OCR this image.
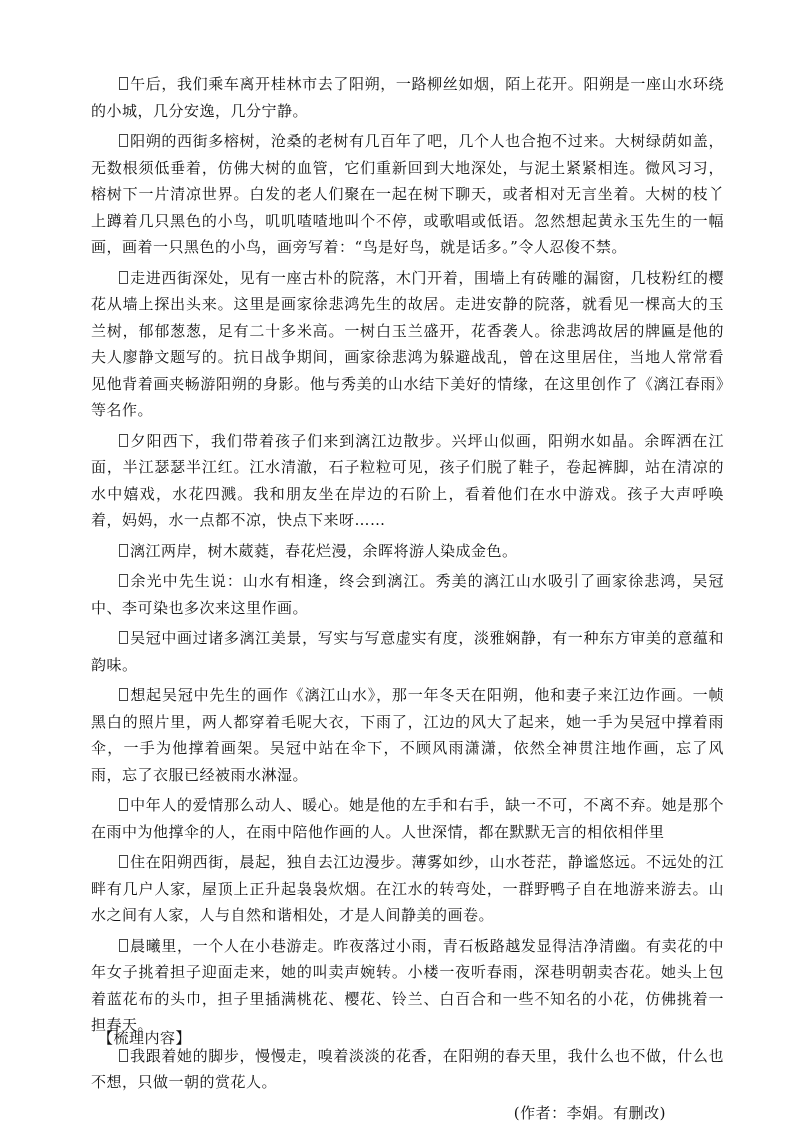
午后，我们乘车离开桂林市去了阳朔，一路柳丝如烟，陌上花开。阳朔是一座山水环绕的小城，几分安逸，几分宁静。

阳朔的西街多榕树，沧桑的老树有几百年了吧，几个人也合抱不过来。大树绿荫如盖，无数根须低垂着，仿佛大树的血管，它们重新回到大地深处，与泥土紧紧相连。微风习习，榕树下一片清凉世界。白发的老人们聚在一起在树下聊天，或者相对无言坐着。大树的枝丫上蹲着几只黑色的小鸟，叽叽喳喳地叫个不停，或歌唱或低语。忽然想起黄永玉先生的一幅画，画着一只黑色的小鸟，画旁写着：“鸟是好鸟，就是话多。”令人忍俊不禁。

走进西街深处，见有一座古朴的院落，木门开着，围墙上有砖雕的漏窗，几枝粉红的樱花从墙上探出头来。这里是画家徐悲鸿先生的故居。走进安静的院落，就看见一棵高大的玉兰树，郁郁葱葱，足有二十多米高。一树白玉兰盛开，花香袭人。徐悲鸿故居的牌匾是他的夫人廖静文题写的。抗日战争期间，画家徐悲鸿为躲避战乱，曾在这里居住，当地人常常看见他背着画夹畅游阳朔的身影。他与秀美的山水结下美好的情缘，在这里创作了《漓江春雨》等名作。

夕阳西下，我们带着孩子们来到漓江边散步。兴坪山似画，阳朔水如晶。余晖洒在江面，半江瑟瑟半江红。江水清澈，石子粒粒可见，孩子们脱了鞋子，卷起裤脚，站在清凉的水中嬉戏，水花四溅。我和朋友坐在岸边的石阶上，看着他们在水中游戏。孩子大声呼唤着，妈妈，水一点都不凉，快点下来呀……

漓江两岸，树木葳蕤，春花烂漫，余晖将游人染成金色。

余光中先生说：山水有相逢，终会到漓江。秀美的漓江山水吸引了画家徐悲鸿，吴冠中、李可染也多次来这里作画。

吴冠中画过诸多漓江美景，写实与写意虚实有度，淡雅娴静，有一种东方审美的意蕴和韵味。

想起吴冠中先生的画作《漓江山水》，那一年冬天在阳朔，他和妻子来江边作画。一帧黑白的照片里，两人都穿着毛呢大衣，下雨了，江边的风大了起来，她一手为吴冠中撑着雨伞，一手为他撑着画架。吴冠中站在伞下，不顾风雨潇潇，依然全神贯注地作画，忘了风雨，忘了衣服已经被雨水淋湿。

中年人的爱情那么动人、暖心。她是他的左手和右手，缺一不可，不离不弃。她是那个在雨中为他撑伞的人，在雨中陪他作画的人。人世深情，都在默默无言的相依相伴里

住在阳朔西街，晨起，独自去江边漫步。薄雾如纱，山水苍茫，静谧悠远。不远处的江畔有几户人家，屋顶上正升起袅袅炊烟。在江水的转弯处，一群野鸭子自在地游来游去。山水之间有人家，人与自然和谐相处，才是人间静美的画卷。

晨曦里，一个人在小巷游走。昨夜落过小雨，青石板路越发显得洁净清幽。有卖花的中年女子挑着担子迎面走来，她的叫卖声婉转。小楼一夜听春雨，深巷明朝卖杏花。她头上包着蓝花布的头巾，担子里插满桃花、樱花、铃兰、白百合和一些不知名的小花，仿佛挑着一担春天。

我跟着她的脚步，慢慢走，嗅着淡淡的花香，在阳朔的春天里，我什么也不做，什么也不想，只做一朝的赏花人。

(作者：李娟。有删改)
【梳理内容】
